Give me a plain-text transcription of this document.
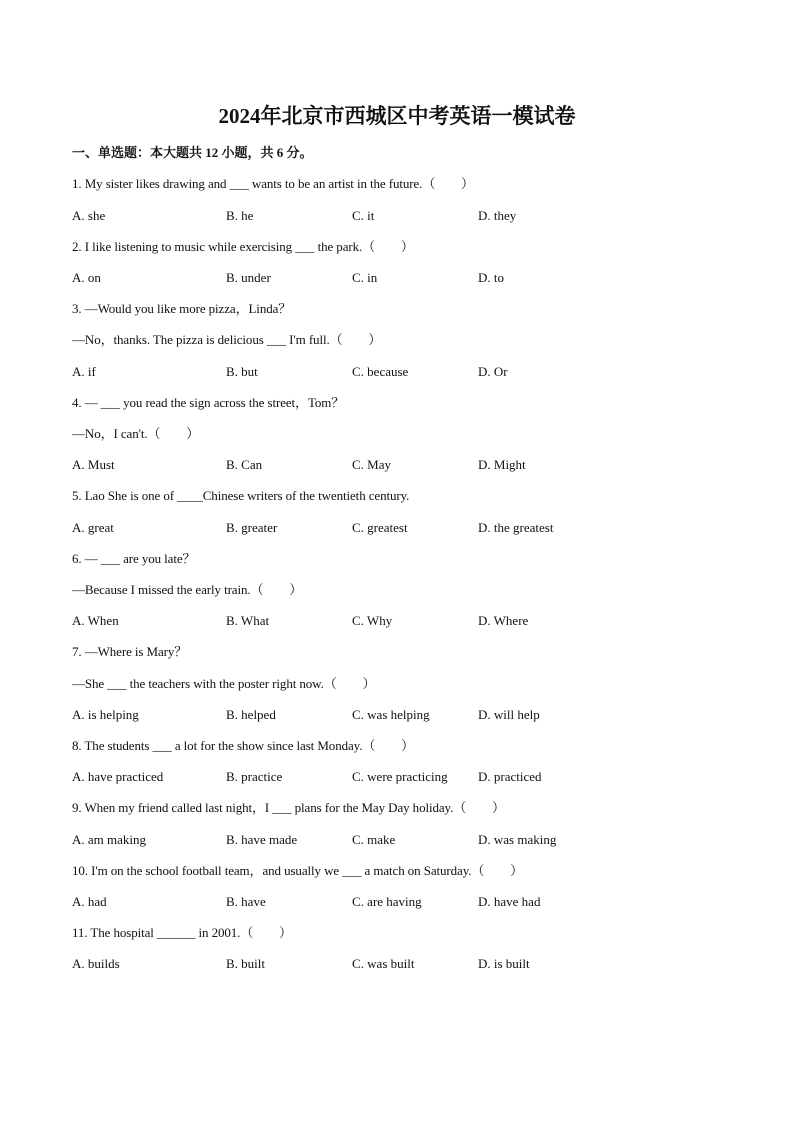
2024年北京市西城区中考英语一模试卷
一、单选题：本大题共 12 小题，共 6 分。
1. My sister likes drawing and ___ wants to be an artist in the future.（　　）
A. she	B. he	C. it	D. they
2. I like listening to music while exercising ___ the park.（　　）
A. on	B. under	C. in	D. to
3. —Would you like more pizza，Linda？
—No，thanks. The pizza is delicious ___ I'm full.（　　）
A. if	B. but	C. because	D. Or
4. — ___ you read the sign across the street，Tom？
—No，I can't.（　　）
A. Must	B. Can	C. May	D. Might
5. Lao She is one of ____Chinese writers of the twentieth century.
A. great	B. greater	C. greatest	D. the greatest
6. — ___ are you late？
—Because I missed the early train.（　　）
A. When	B. What	C. Why	D. Where
7. —Where is Mary？
—She ___ the teachers with the poster right now.（　　）
A. is helping	B. helped	C. was helping	D. will help
8. The students ___ a lot for the show since last Monday.（　　）
A. have practiced	B. practice	C. were practicing D. practiced
9. When my friend called last night，I ___ plans for the May Day holiday.（　　）
A. am making	B. have made	C. make	D. was making
10. I'm on the school football team，and usually we ___ a match on Saturday.（　　）
A. had	B. have	C. are having	D. have had
11. The hospital ______ in 2001.（　　）
A. builds	B. built	C. was built	D. is built
